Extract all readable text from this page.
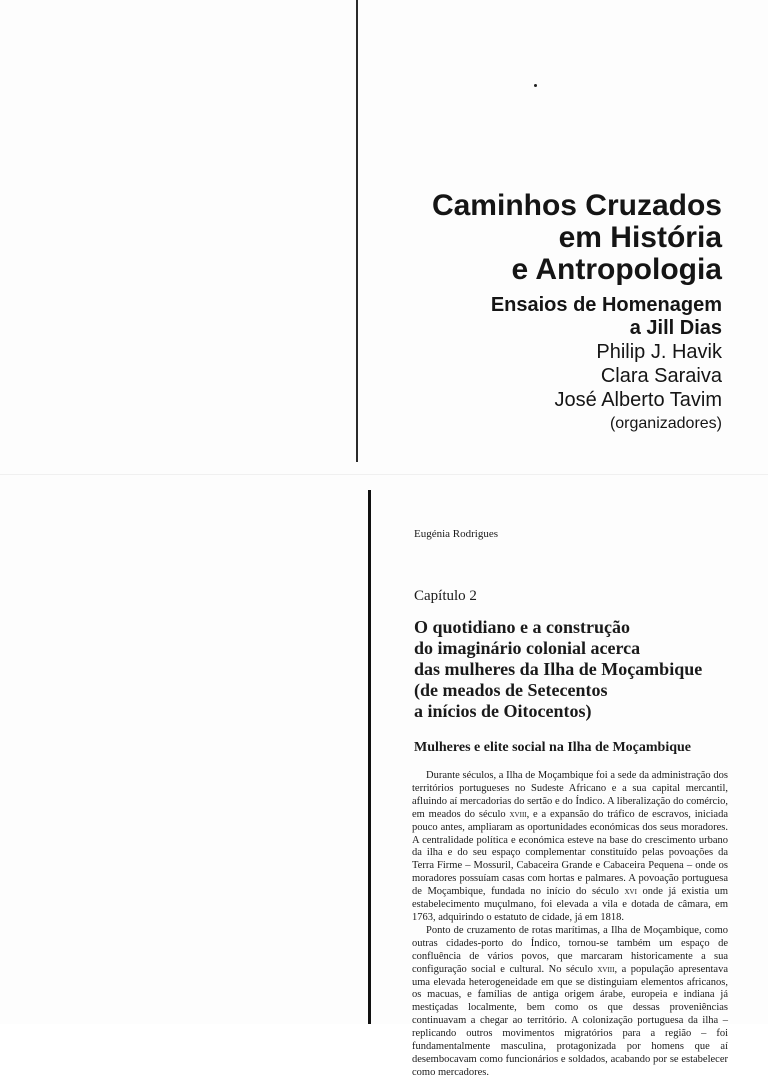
Caminhos Cruzados
em História
e Antropologia
Ensaios de Homenagem
a Jill Dias
Philip J. Havik
Clara Saraiva
José Alberto Tavim
(organizadores)
Eugénia Rodrigues
Capítulo 2
O quotidiano e a construção
do imaginário colonial acerca
das mulheres da Ilha de Moçambique
(de meados de Setecentos
a inícios de Oitocentos)
Mulheres e elite social na Ilha de Moçambique

Durante séculos, a Ilha de Moçambique foi a sede da administração dos territórios portugueses no Sudeste Africano e a sua capital mercantil, afluindo aí mercadorias do sertão e do Índico. A liberalização do comércio, em meados do século xviii, e a expansão do tráfico de escravos, iniciada pouco antes, ampliaram as oportunidades económicas dos seus moradores. A centralidade política e económica esteve na base do crescimento urbano da ilha e do seu espaço complementar constituído pelas povoações da Terra Firme – Mossuril, Cabaceira Grande e Cabaceira Pequena – onde os moradores possuíam casas com hortas e palmares. A povoação portuguesa de Moçambique, fundada no início do século xvi onde já existia um estabelecimento muçulmano, foi elevada a vila e dotada de câmara, em 1763, adquirindo o estatuto de cidade, já em 1818.

Ponto de cruzamento de rotas marítimas, a Ilha de Moçambique, como outras cidades-porto do Índico, tornou-se também um espaço de confluência de vários povos, que marcaram historicamente a sua configuração social e cultural. No século xviii, a população apresentava uma elevada heterogeneidade em que se distinguiam elementos africanos, os macuas, e famílias de antiga origem árabe, europeia e indiana já mestiçadas localmente, bem como os que dessas proveniências continuavam a chegar ao território. A colonização portuguesa da ilha – replicando outros movimentos migratórios para a região – foi fundamentalmente masculina, protagonizada por homens que aí desembocavam como funcionários e soldados, acabando por se estabelecer como mercadores.
